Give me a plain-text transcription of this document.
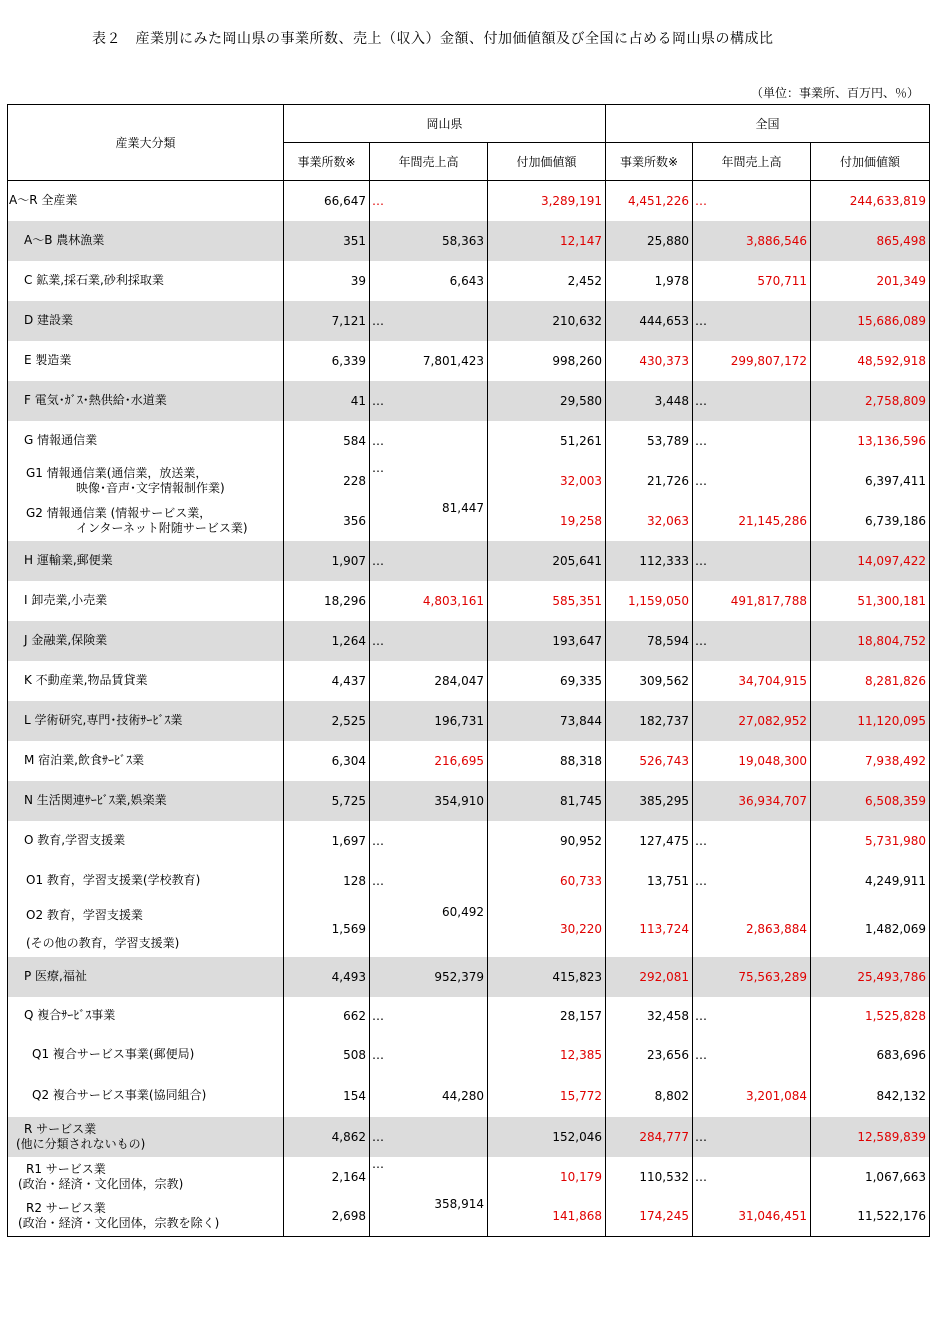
表２　産業別にみた岡山県の事業所数、売上（収入）金額、付加価値額及び全国に占める岡山県の構成比
（単位：事業所、百万円、％）
産業大分類	岡山県			全国		
	事業所数※	年間売上高	付加価値額	事業所数※	年間売上高	付加価値額
A～R 全産業	66,647	…	3,289,191	4,451,226	…	244,633,819
A～B 農林漁業	351	58,363	12,147	25,880	3,886,546	865,498
C 鉱業,採石業,砂利採取業	39	6,643	2,452	1,978	570,711	201,349
D 建設業	7,121	…	210,632	444,653	…	15,686,089
E 製造業	6,339	7,801,423	998,260	430,373	299,807,172	48,592,918
F 電気･ｶﾞｽ･熱供給･水道業	41	…	29,580	3,448	…	2,758,809
G 情報通信業	584	…	51,261	53,789	…	13,136,596

G1 情報通信業(通信業，放送業，
映像･音声･文字情報制作業)	228	…	32,003	21,726	…	6,397,411

G2 情報通信業 (情報サービス業，
インターネット附随サービス業)	356	81,447	19,258	32,063	21,145,286	6,739,186
H 運輸業,郵便業	1,907	…	205,641	112,333	…	14,097,422
I 卸売業,小売業	18,296	4,803,161	585,351	1,159,050	491,817,788	51,300,181
J 金融業,保険業	1,264	…	193,647	78,594	…	18,804,752
K 不動産業,物品賃貸業	4,437	284,047	69,335	309,562	34,704,915	8,281,826
L 学術研究,専門･技術ｻｰﾋﾞｽ業	2,525	196,731	73,844	182,737	27,082,952	11,120,095
M 宿泊業,飲食ｻｰﾋﾞｽ業	6,304	216,695	88,318	526,743	19,048,300	7,938,492
N 生活関連ｻｰﾋﾞｽ業,娯楽業	5,725	354,910	81,745	385,295	36,934,707	6,508,359
O 教育,学習支援業	1,697	…	90,952	127,475	…	5,731,980
O1 教育，学習支援業(学校教育)	128	…	60,733	13,751	…	4,249,911

O2 教育，学習支援業
(その他の教育，学習支援業)	1,569	60,492	30,220	113,724	2,863,884	1,482,069
P 医療,福祉	4,493	952,379	415,823	292,081	75,563,289	25,493,786
Q 複合ｻｰﾋﾞｽ事業	662	…	28,157	32,458	…	1,525,828
Q1 複合サービス事業(郵便局)	508	…	12,385	23,656	…	683,696
Q2 複合サービス事業(協同組合)	154	44,280	15,772	8,802	3,201,084	842,132

R サービス業
(他に分類されないもの)	4,862	…	152,046	284,777	…	12,589,839

R1 サービス業
(政治・経済・文化団体，宗教)	2,164	…	10,179	110,532	…	1,067,663

R2 サービス業
(政治・経済・文化団体，宗教を除く)	2,698	358,914	141,868	174,245	31,046,451	11,522,176
